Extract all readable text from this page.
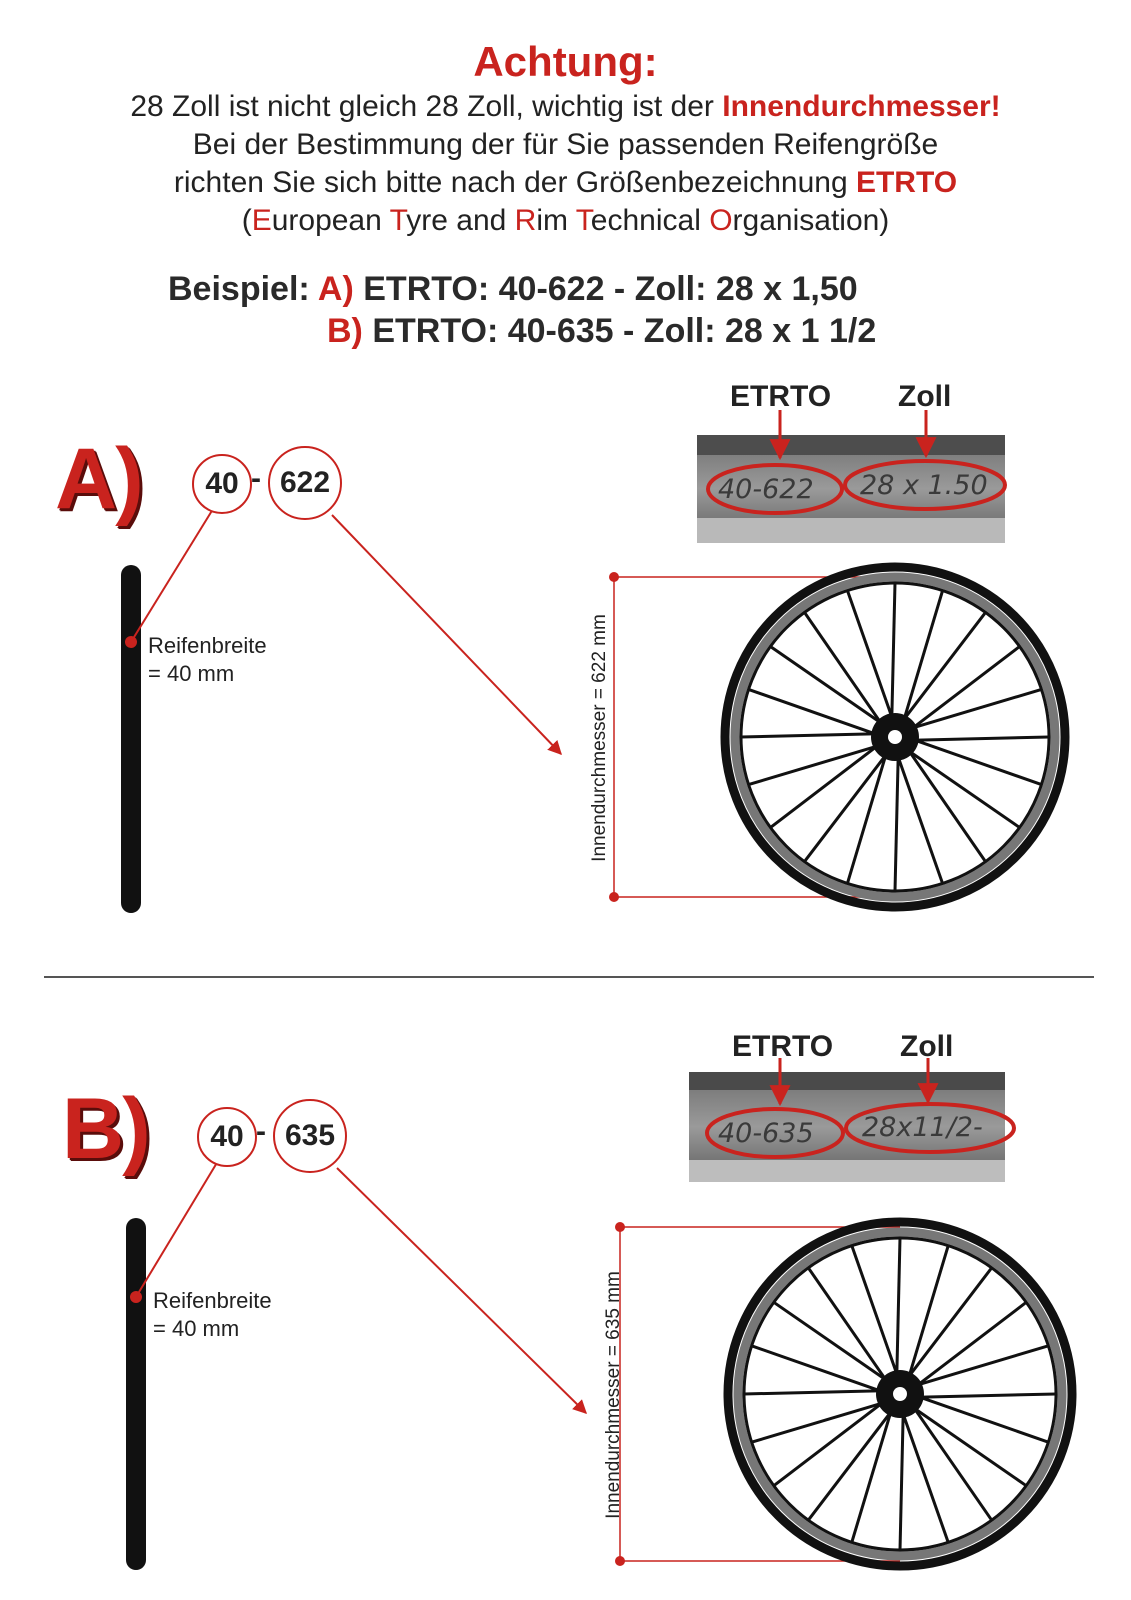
Achtung:
28 Zoll ist nicht gleich 28 Zoll, wichtig ist der Innendurchmesser!
Bei der Bestimmung der für Sie passenden Reifengröße
richten Sie sich bitte nach der Größenbezeichnung ETRTO
(European Tyre and Rim Technical Organisation)
Beispiel: A) ETRTO: 40-622 - Zoll: 28 x 1,50
B) ETRTO: 40-635 - Zoll: 28 x 1 1/2
A) 40 - 622
Reifenbreite
= 40 mm
ETRTO Zoll
40-622 28 x 1.50
Innendurchmesser = 622 mm
B) 40 - 635
Reifenbreite
= 40 mm
ETRTO Zoll
40-635 28x11/2-
Innendurchmesser = 635 mm
